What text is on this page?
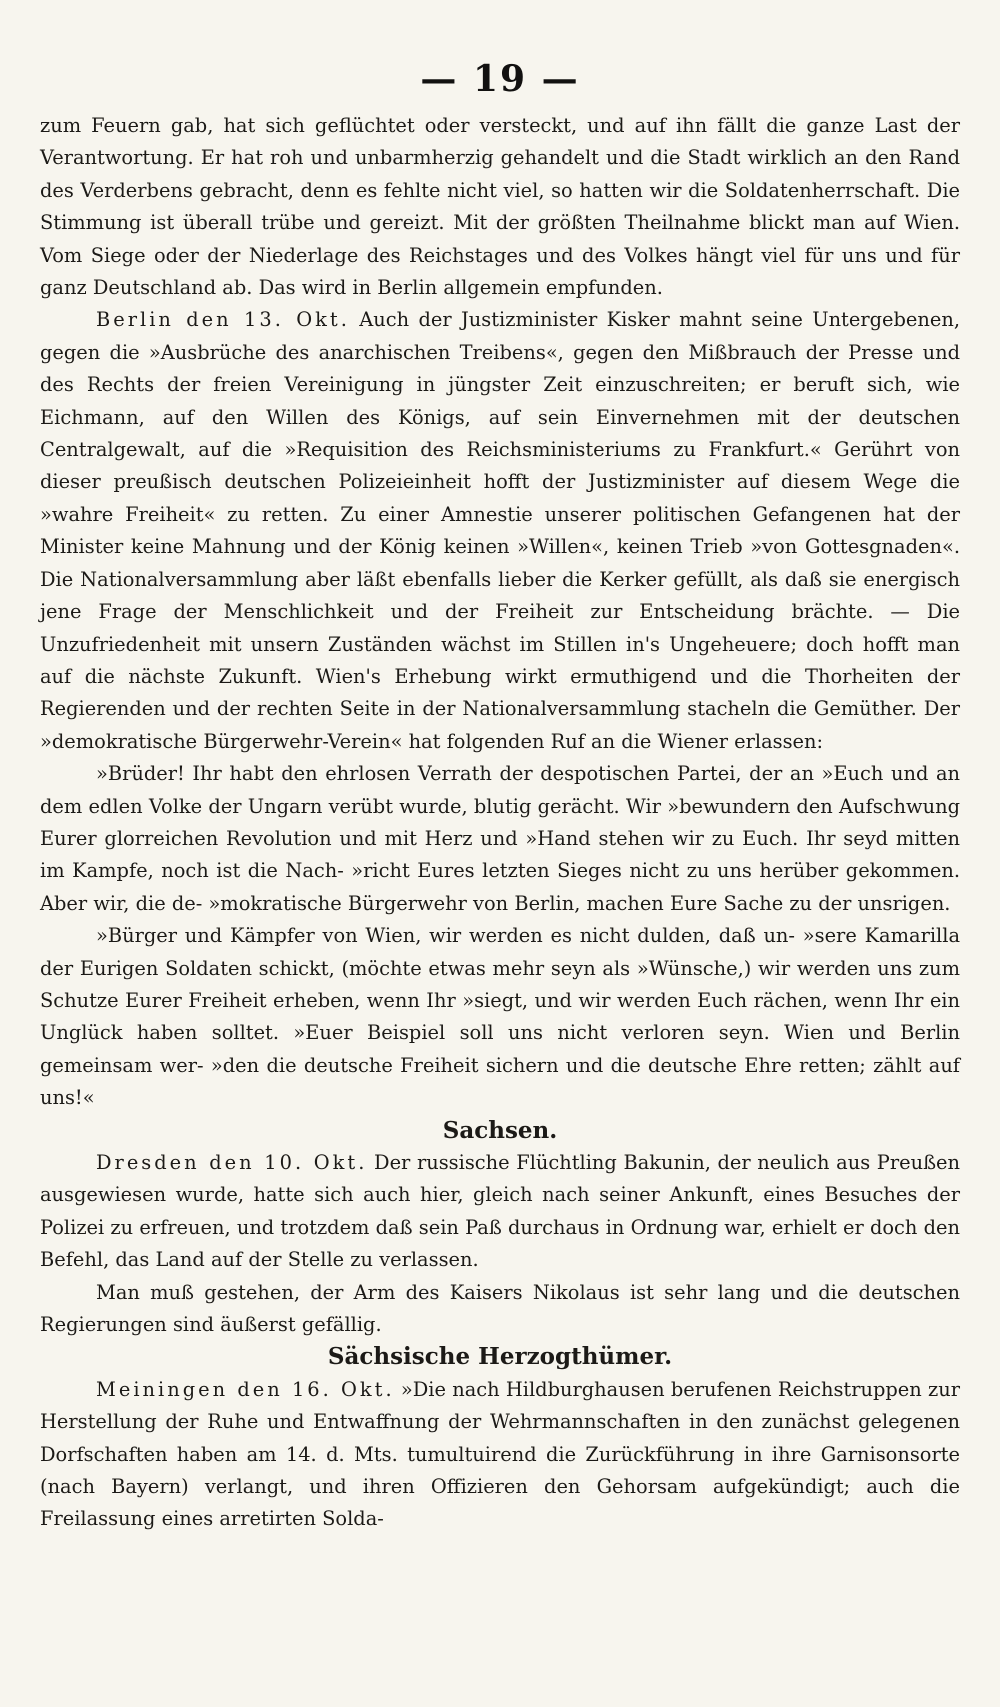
— 19 —

zum Feuern gab, hat sich geflüchtet oder versteckt, und auf ihn fällt die ganze Last der Verantwortung. Er hat roh und unbarmherzig gehandelt und die Stadt wirklich an den Rand des Verderbens gebracht, denn es fehlte nicht viel, so hatten wir die Soldatenherrschaft. Die Stimmung ist überall trübe und gereizt. Mit der größten Theilnahme blickt man auf Wien. Vom Siege oder der Niederlage des Reichstages und des Volkes hängt viel für uns und für ganz Deutschland ab. Das wird in Berlin allgemein empfunden.

Berlin den 13. Okt. Auch der Justizminister Kisker mahnt seine Untergebenen, gegen die »Ausbrüche des anarchischen Treibens«, gegen den Mißbrauch der Presse und des Rechts der freien Vereinigung in jüngster Zeit einzuschreiten; er beruft sich, wie Eichmann, auf den Willen des Königs, auf sein Einvernehmen mit der deutschen Centralgewalt, auf die »Requisition des Reichsministeriums zu Frankfurt.« Gerührt von dieser preußisch deutschen Polizeieinheit hofft der Justizminister auf diesem Wege die »wahre Freiheit« zu retten. Zu einer Amnestie unserer politischen Gefangenen hat der Minister keine Mahnung und der König keinen »Willen«, keinen Trieb »von Gottesgnaden«. Die Nationalversammlung aber läßt ebenfalls lieber die Kerker gefüllt, als daß sie energisch jene Frage der Menschlichkeit und der Freiheit zur Entscheidung brächte. — Die Unzufriedenheit mit unsern Zuständen wächst im Stillen in's Ungeheuere; doch hofft man auf die nächste Zukunft. Wien's Erhebung wirkt ermuthigend und die Thorheiten der Regierenden und der rechten Seite in der Nationalversammlung stacheln die Gemüther. Der »demokratische Bürgerwehr-Verein« hat folgenden Ruf an die Wiener erlassen:

»Brüder! Ihr habt den ehrlosen Verrath der despotischen Partei, der an »Euch und an dem edlen Volke der Ungarn verübt wurde, blutig gerächt. Wir »bewundern den Aufschwung Eurer glorreichen Revolution und mit Herz und »Hand stehen wir zu Euch. Ihr seyd mitten im Kampfe, noch ist die Nach- »richt Eures letzten Sieges nicht zu uns herüber gekommen. Aber wir, die de- »mokratische Bürgerwehr von Berlin, machen Eure Sache zu der unsrigen.

»Bürger und Kämpfer von Wien, wir werden es nicht dulden, daß un- »sere Kamarilla der Eurigen Soldaten schickt, (möchte etwas mehr seyn als »Wünsche,) wir werden uns zum Schutze Eurer Freiheit erheben, wenn Ihr »siegt, und wir werden Euch rächen, wenn Ihr ein Unglück haben solltet. »Euer Beispiel soll uns nicht verloren seyn. Wien und Berlin gemeinsam wer- »den die deutsche Freiheit sichern und die deutsche Ehre retten; zählt auf uns!«

Sachsen.

Dresden den 10. Okt. Der russische Flüchtling Bakunin, der neulich aus Preußen ausgewiesen wurde, hatte sich auch hier, gleich nach seiner Ankunft, eines Besuches der Polizei zu erfreuen, und trotzdem daß sein Paß durchaus in Ordnung war, erhielt er doch den Befehl, das Land auf der Stelle zu verlassen.

Man muß gestehen, der Arm des Kaisers Nikolaus ist sehr lang und die deutschen Regierungen sind äußerst gefällig.

Sächsische Herzogthümer.

Meiningen den 16. Okt. »Die nach Hildburghausen berufenen Reichstruppen zur Herstellung der Ruhe und Entwaffnung der Wehrmannschaften in den zunächst gelegenen Dorfschaften haben am 14. d. Mts. tumultuirend die Zurückführung in ihre Garnisonsorte (nach Bayern) verlangt, und ihren Offizieren den Gehorsam aufgekündigt; auch die Freilassung eines arretirten Solda-
